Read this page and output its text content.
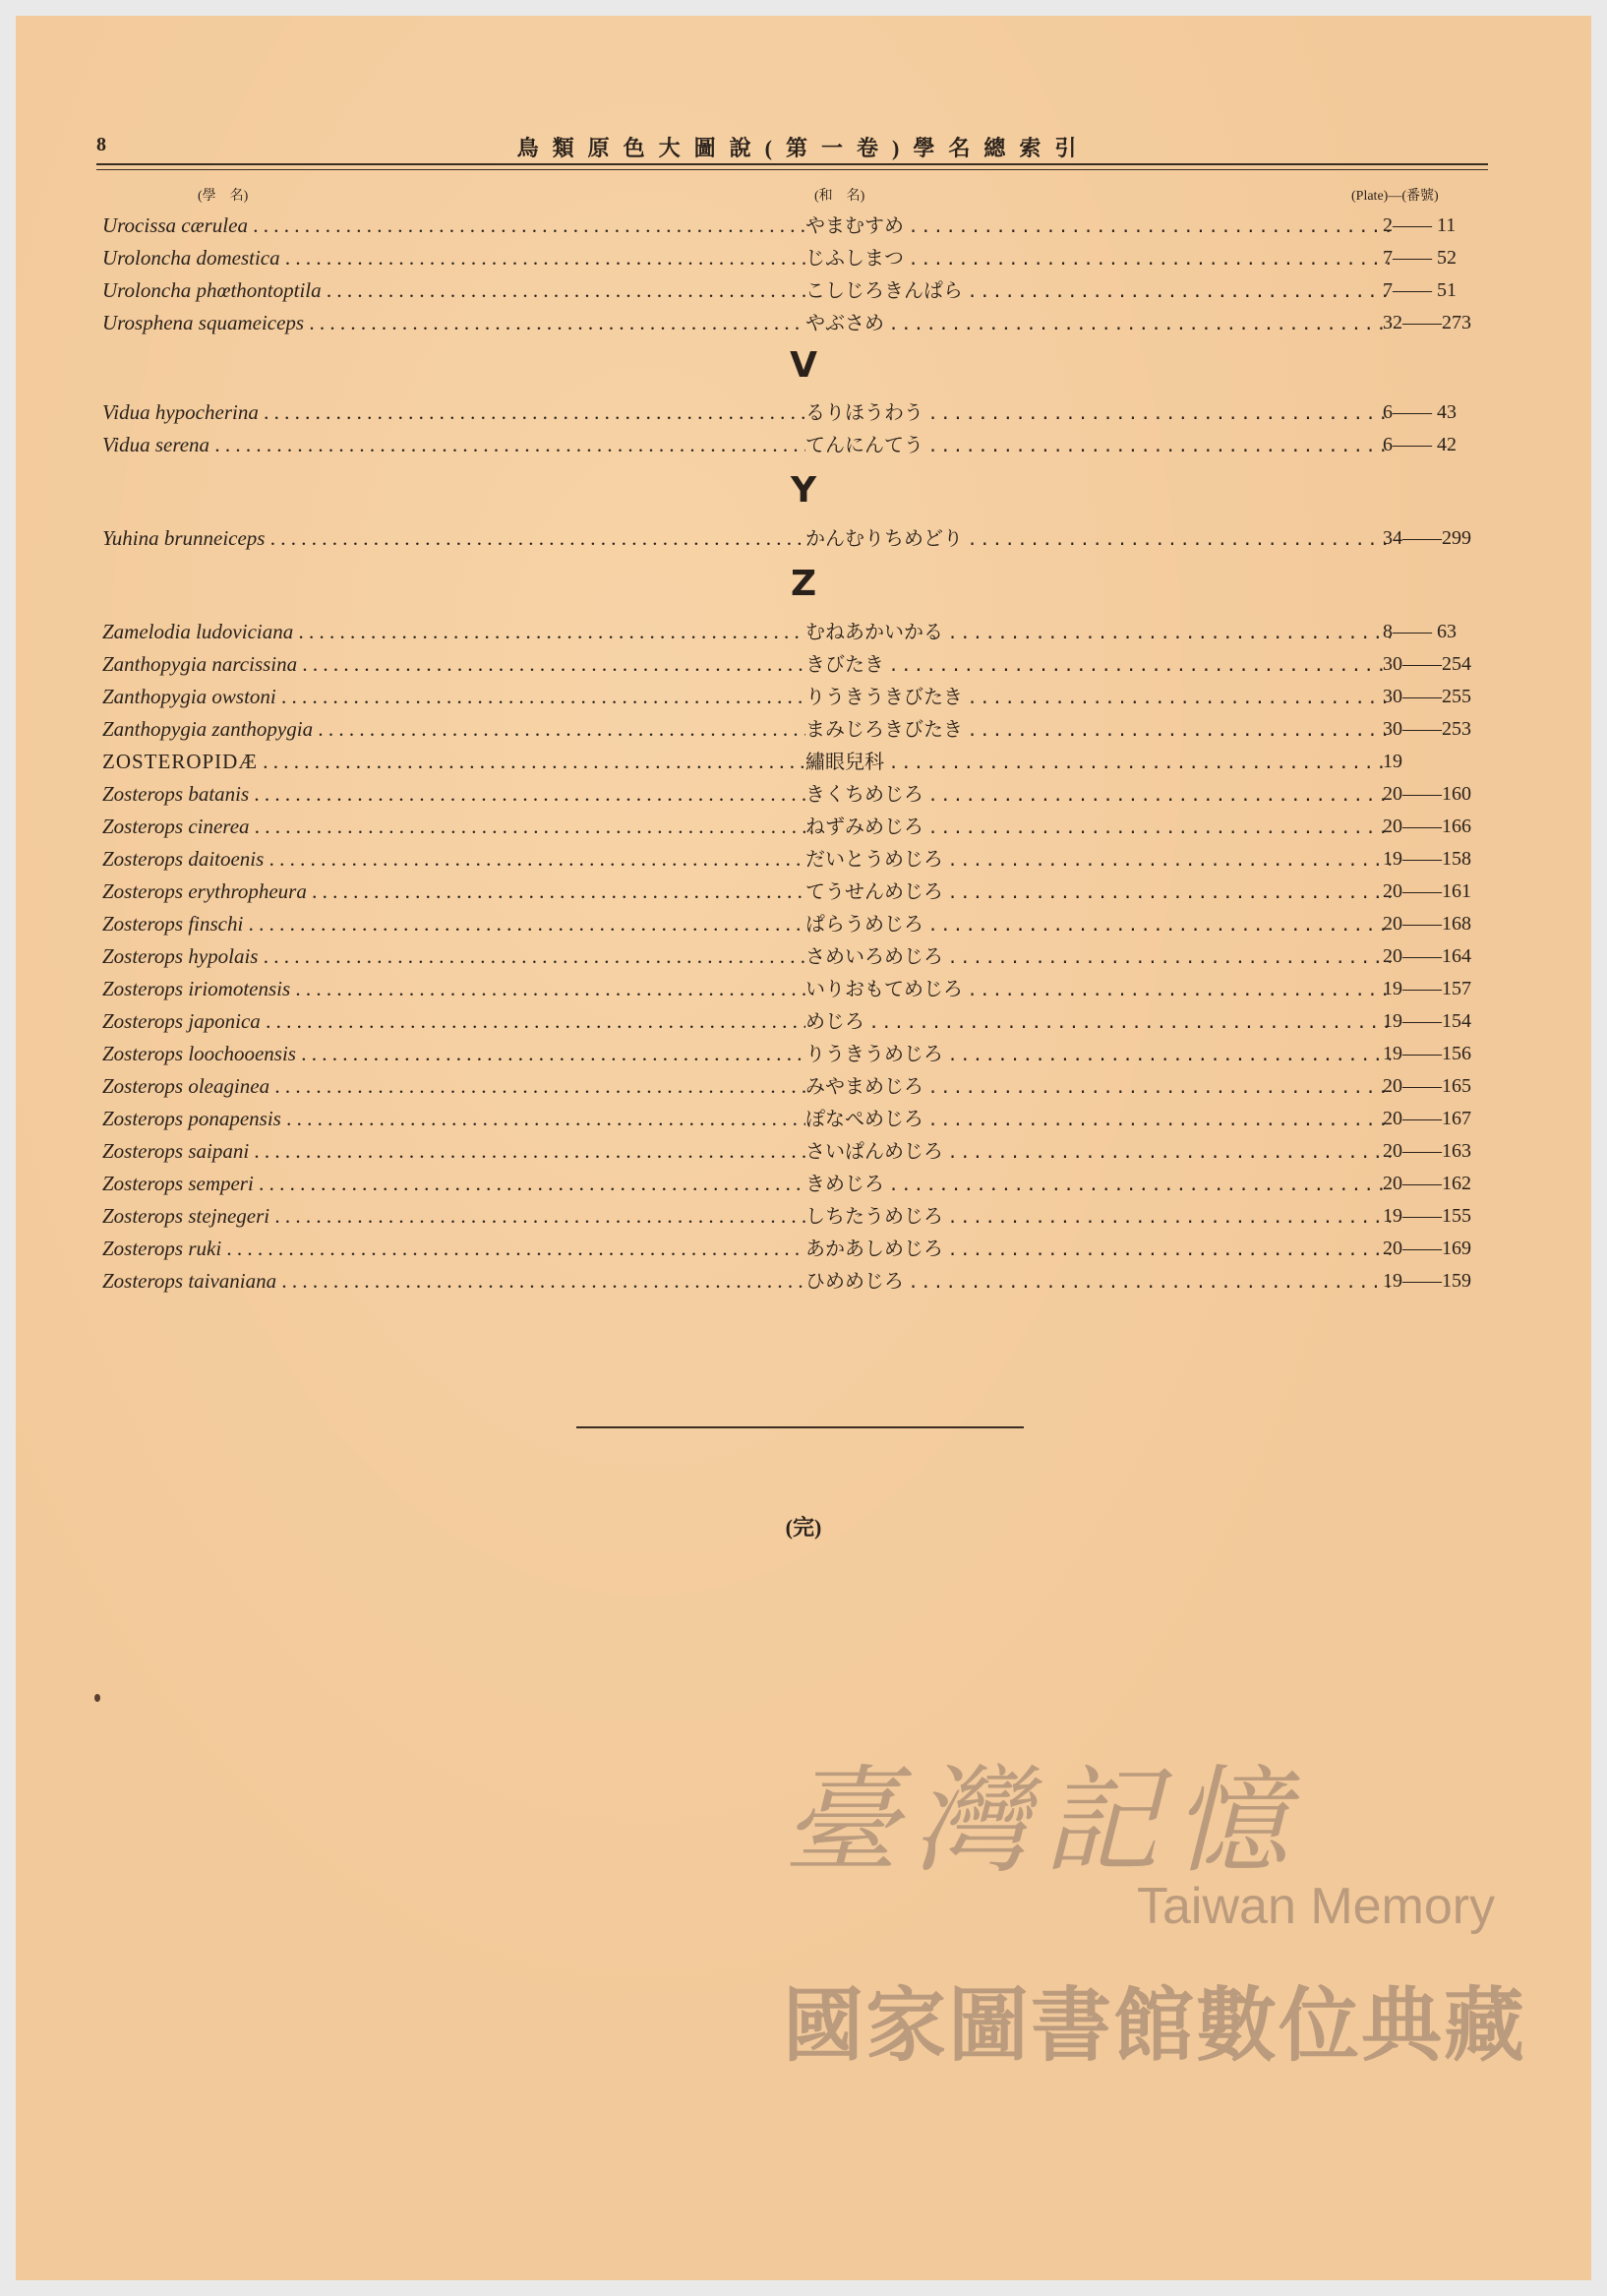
8	鳥類原色大圖說(第一卷)學名總索引
(學　名)	(和　名)	(Plate)—(番號)
Urocissa cærulea . . .	やまむすめ . . .	2—— 11
Uroloncha domestica . . .	じふしまつ . . .	7—— 52
Uroloncha phœthontoptila . . .	こしじろきんぱら . . .	7—— 51
Urosphena squameiceps . . .	やぶさめ . . .	32——273
V
Vidua hypocherina . . .	るりほうわう . . .	6—— 43
Vidua serena . . .	てんにんてう . . .	6—— 42
Y
Yuhina brunneiceps . . .	かんむりちめどり . . .	34——299
Z
Zamelodia ludoviciana . . .	むねあかいかる . . .	8—— 63
Zanthopygia narcissina . . .	きびたき . . .	30——254
Zanthopygia owstoni . . .	りうきうきびたき . . .	30——255
Zanthopygia zanthopygia . . .	まみじろきびたき . . .	30——253
ZOSTEROPIDÆ . . .	繡眼兒科 . . .	19
Zosterops batanis . . .	きくちめじろ . . .	20——160
Zosterops cinerea . . .	ねずみめじろ . . .	20——166
Zosterops daitoenis . . .	だいとうめじろ . . .	19——158
Zosterops erythropheura . . .	てうせんめじろ . . .	20——161
Zosterops finschi . . .	ぱらうめじろ . . .	20——168
Zosterops hypolais . . .	さめいろめじろ . . .	20——164
Zosterops iriomotensis . . .	いりおもてめじろ . . .	19——157
Zosterops japonica . . .	めじろ . . .	19——154
Zosterops loochooensis . . .	りうきうめじろ . . .	19——156
Zosterops oleaginea . . .	みやまめじろ . . .	20——165
Zosterops ponapensis . . .	ぽなぺめじろ . . .	20——167
Zosterops saipani . . .	さいぱんめじろ . . .	20——163
Zosterops semperi . . .	きめじろ . . .	20——162
Zosterops stejnegeri . . .	しちたうめじろ . . .	19——155
Zosterops ruki . . .	あかあしめじろ . . .	20——169
Zosterops taivaniana . . .	ひめめじろ . . .	19——159
(完)
臺灣記憶
Taiwan Memory
國家圖書館數位典藏
